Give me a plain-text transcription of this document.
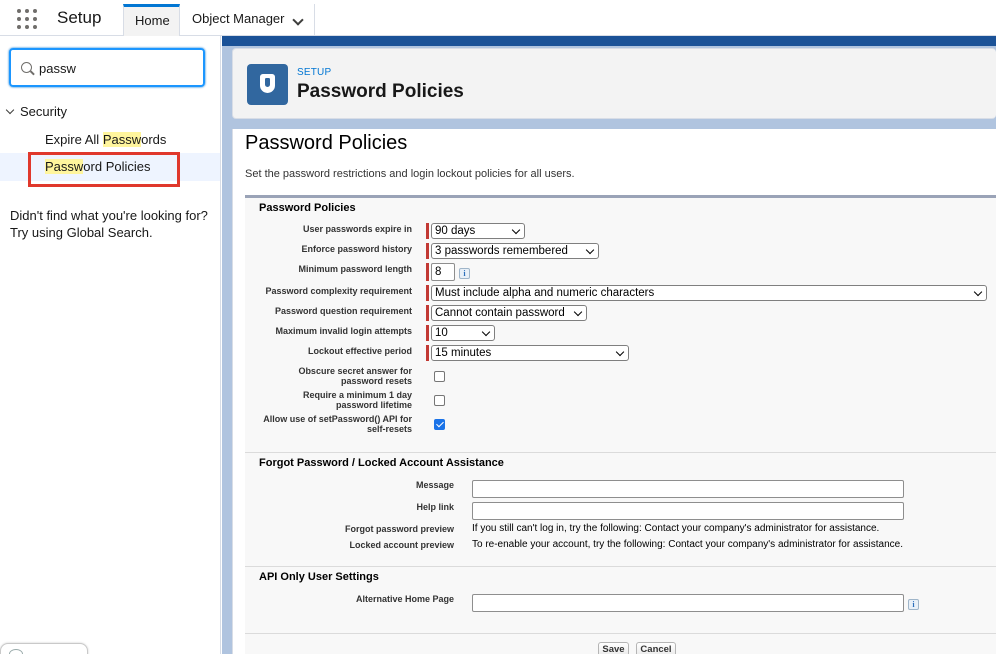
Setup	Home	Object Manager
passw
Security
Expire All Passwords
Password Policies
Didn't find what you're looking for?
Try using Global Search.
SETUP
Password Policies
Password Policies
Set the password restrictions and login lockout policies for all users.
Password Policies
User passwords expire in	90 days
Enforce password history	3 passwords remembered
Minimum password length	8	i
Password complexity requirement	Must include alpha and numeric characters
Password question requirement	Cannot contain password
Maximum invalid login attempts	10
Lockout effective period	15 minutes
Obscure secret answer for
password resets
Require a minimum 1 day
password lifetime
Allow use of setPassword() API for
self-resets
Forgot Password / Locked Account Assistance
Message
Help link
Forgot password preview If you still can't log in, try the following: Contact your company's administrator for assistance.
Locked account preview To re-enable your account, try the following: Contact your company's administrator for assistance.
API Only User Settings
Alternative Home Page
i
Save	Cancel
